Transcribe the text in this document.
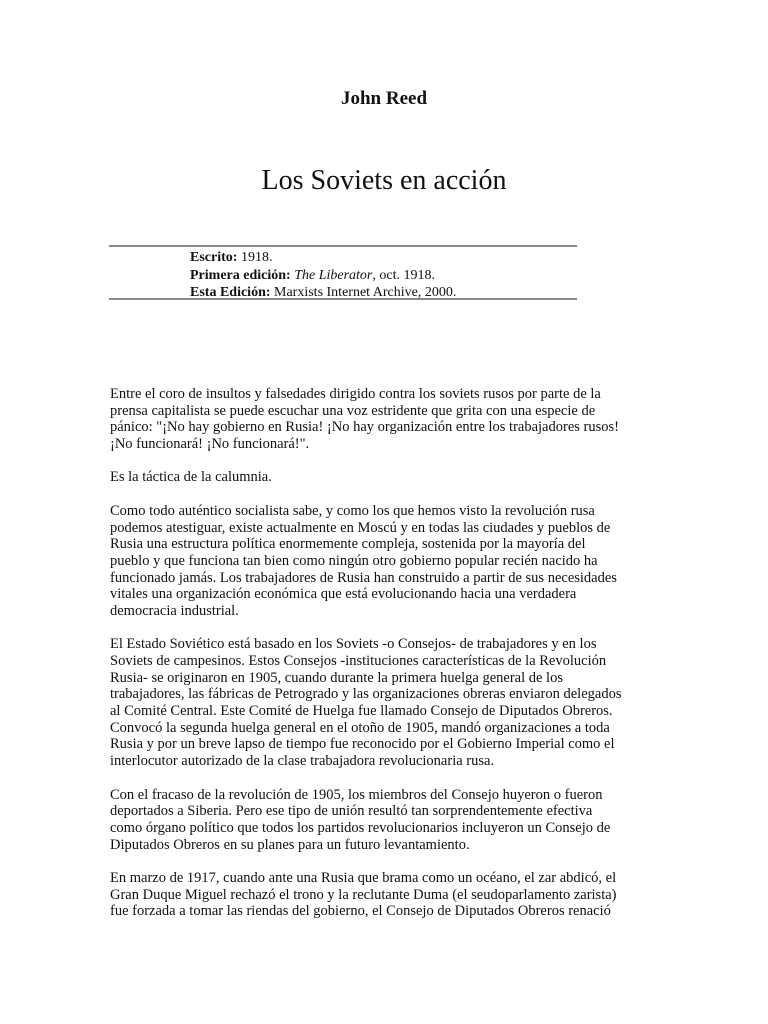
John Reed
Los Soviets en acción
Escrito: 1918.
Primera edición: The Liberator, oct. 1918.
Esta Edición: Marxists Internet Archive, 2000.
Entre el coro de insultos y falsedades dirigido contra los soviets rusos por parte de la
prensa capitalista se puede escuchar una voz estridente que grita con una especie de
pánico: "¡No hay gobierno en Rusia! ¡No hay organización entre los trabajadores rusos!
¡No funcionará! ¡No funcionará!".
Es la táctica de la calumnia.
Como todo auténtico socialista sabe, y como los que hemos visto la revolución rusa
podemos atestiguar, existe actualmente en Moscú y en todas las ciudades y pueblos de
Rusia una estructura política enormemente compleja, sostenida por la mayoría del
pueblo y que funciona tan bien como ningún otro gobierno popular recién nacido ha
funcionado jamás. Los trabajadores de Rusia han construido a partir de sus necesidades
vitales una organización económica que está evolucionando hacia una verdadera
democracia industrial.
El Estado Soviético está basado en los Soviets -o Consejos- de trabajadores y en los
Soviets de campesinos. Estos Consejos -instituciones características de la Revolución
Rusia- se originaron en 1905, cuando durante la primera huelga general de los
trabajadores, las fábricas de Petrogrado y las organizaciones obreras enviaron delegados
al Comité Central. Este Comité de Huelga fue llamado Consejo de Diputados Obreros.
Convocó la segunda huelga general en el otoño de 1905, mandó organizaciones a toda
Rusia y por un breve lapso de tiempo fue reconocido por el Gobierno Imperial como el
interlocutor autorizado de la clase trabajadora revolucionaria rusa.
Con el fracaso de la revolución de 1905, los miembros del Consejo huyeron o fueron
deportados a Siberia. Pero ese tipo de unión resultó tan sorprendentemente efectiva
como órgano político que todos los partidos revolucionarios incluyeron un Consejo de
Diputados Obreros en su planes para un futuro levantamiento.
En marzo de 1917, cuando ante una Rusia que brama como un océano, el zar abdicó, el
Gran Duque Miguel rechazó el trono y la reclutante Duma (el seudoparlamento zarista)
fue forzada a tomar las riendas del gobierno, el Consejo de Diputados Obreros renació
